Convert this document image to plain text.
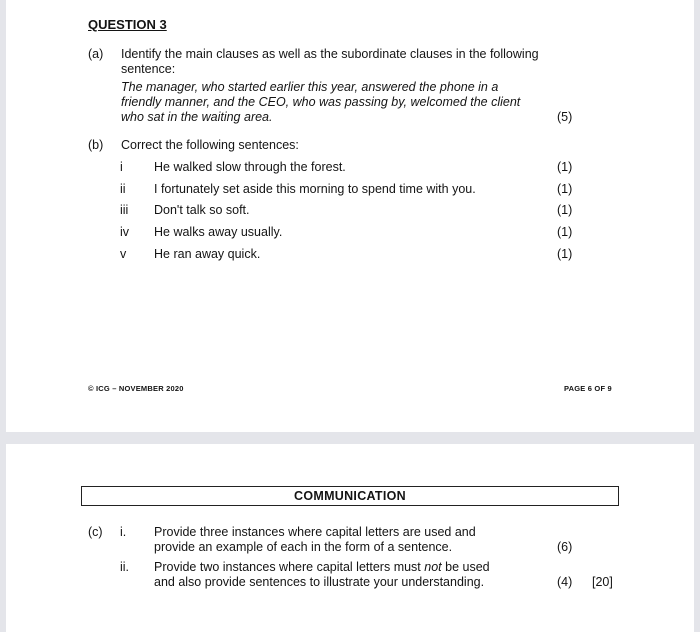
QUESTION 3
(a) Identify the main clauses as well as the subordinate clauses in the following
sentence:
The manager, who started earlier this year, answered the phone in a
friendly manner, and the CEO, who was passing by, welcomed the client
who sat in the waiting area.	(5)
(b) Correct the following sentences:
i He walked slow through the forest.	(1)
ii I fortunately set aside this morning to spend time with you.	(1)
iii Don't talk so soft.	(1)
iv He walks away usually.	(1)
v He ran away quick.	(1)
© ICG – NOVEMBER 2020	PAGE 6 OF 9
COMMUNICATION
(c) i. Provide three instances where capital letters are used and
provide an example of each in the form of a sentence.	(6)
ii. Provide two instances where capital letters must not be used
and also provide sentences to illustrate your understanding.	(4) [20]
